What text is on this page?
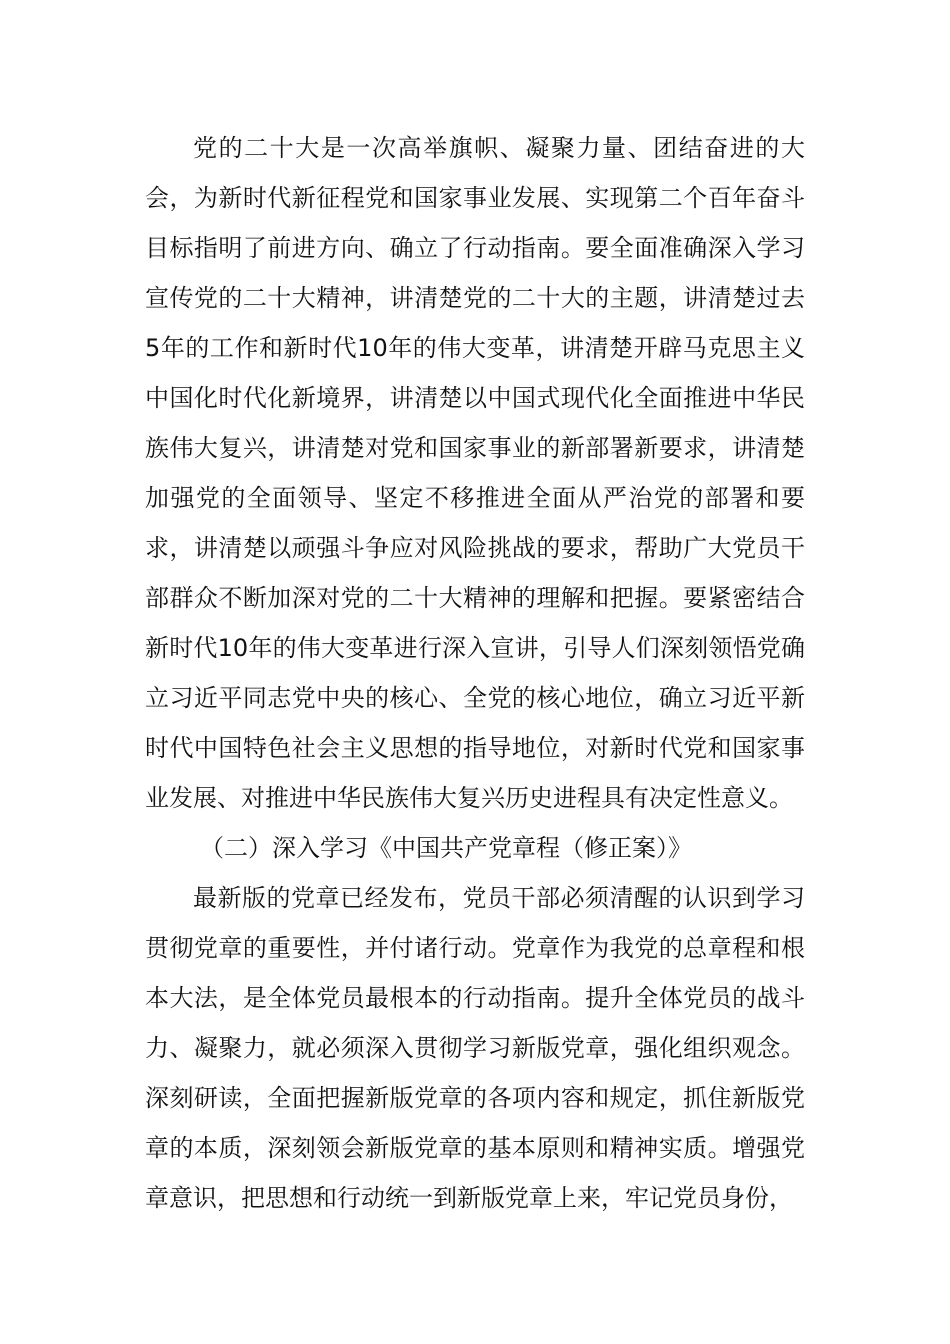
党的二十大是一次高举旗帜、凝聚力量、团结奋进的大会，为新时代新征程党和国家事业发展、实现第二个百年奋斗目标指明了前进方向、确立了行动指南。要全面准确深入学习宣传党的二十大精神，讲清楚党的二十大的主题，讲清楚过去5年的工作和新时代10年的伟大变革，讲清楚开辟马克思主义中国化时代化新境界，讲清楚以中国式现代化全面推进中华民族伟大复兴，讲清楚对党和国家事业的新部署新要求，讲清楚加强党的全面领导、坚定不移推进全面从严治党的部署和要求，讲清楚以顽强斗争应对风险挑战的要求，帮助广大党员干部群众不断加深对党的二十大精神的理解和把握。要紧密结合新时代10年的伟大变革进行深入宣讲，引导人们深刻领悟党确立习近平同志党中央的核心、全党的核心地位，确立习近平新时代中国特色社会主义思想的指导地位，对新时代党和国家事业发展、对推进中华民族伟大复兴历史进程具有决定性意义。

（二）深入学习《中国共产党章程（修正案）》

最新版的党章已经发布，党员干部必须清醒的认识到学习贯彻党章的重要性，并付诸行动。党章作为我党的总章程和根本大法，是全体党员最根本的行动指南。提升全体党员的战斗力、凝聚力，就必须深入贯彻学习新版党章，强化组织观念。深刻研读，全面把握新版党章的各项内容和规定，抓住新版党章的本质，深刻领会新版党章的基本原则和精神实质。增强党章意识，把思想和行动统一到新版党章上来，牢记党员身份，
